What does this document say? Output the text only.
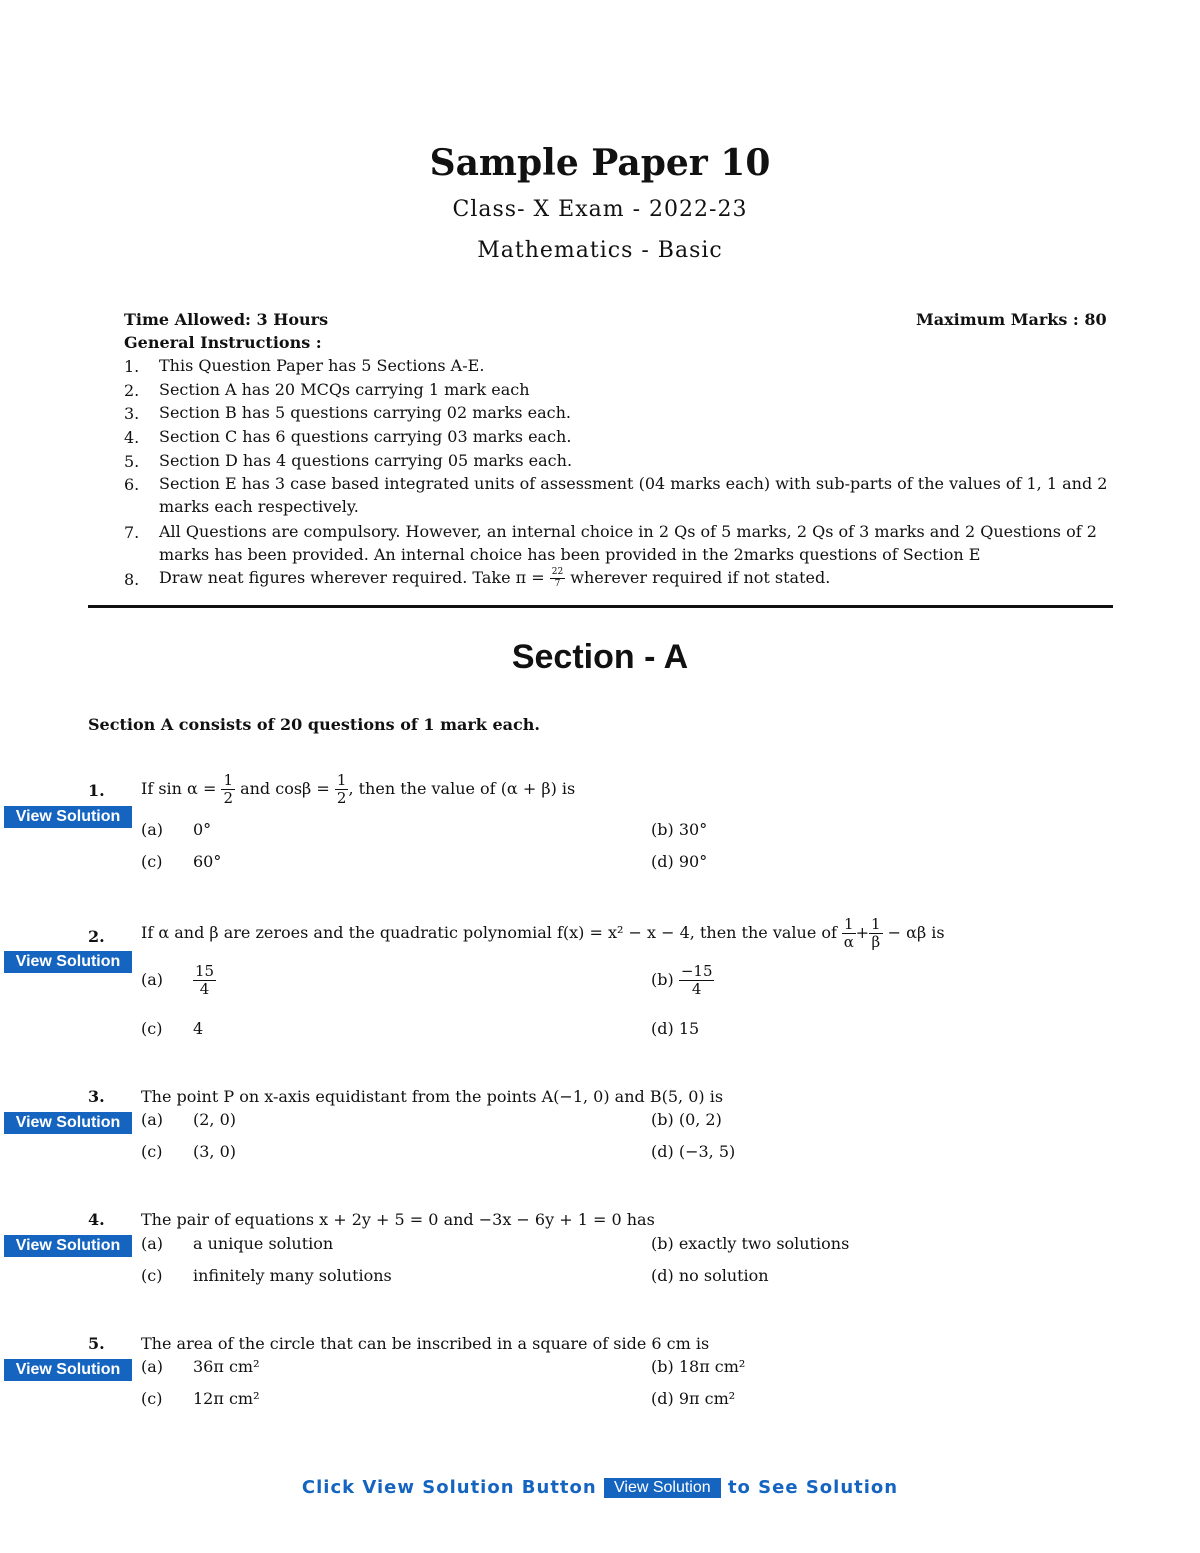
Sample Paper 10
Class- X Exam - 2022-23
Mathematics - Basic
Time Allowed: 3 Hours	Maximum Marks : 80
General Instructions :
1. This Question Paper has 5 Sections A-E.
2. Section A has 20 MCQs carrying 1 mark each
3. Section B has 5 questions carrying 02 marks each.
4. Section C has 6 questions carrying 03 marks each.
5. Section D has 4 questions carrying 05 marks each.
6. Section E has 3 case based integrated units of assessment (04 marks each) with sub-parts of the values of 1, 1 and 2 marks each respectively.
7. All Questions are compulsory. However, an internal choice in 2 Qs of 5 marks, 2 Qs of 3 marks and 2 Questions of 2 marks has been provided. An internal choice has been provided in the 2marks questions of Section E
8. Draw neat figures wherever required. Take $\pi = \frac{22}{7}$ wherever required if not stated.
Section - A
Section A consists of 20 questions of 1 mark each.
1. If $\sin \alpha = \frac{1}{2}$ and $\cos\beta = \frac{1}{2}$ , then the value of (α + β) is
View Solution
(a) 0°	(b) 30°
(c) 60°	(d) 90°
2. If α and β are zeroes and the quadratic polynomial f(x) = x² − x − 4, then the value of $\frac{1}{\alpha} + \frac{1}{\beta} - \alpha\beta$ is
View Solution
$(a) \frac{15}{4}$	$(b) \frac{-15}{4}$
(c) 4	(d) 15
3. The point P on x-axis equidistant from the points A(−1, 0) and B(5, 0) is
View Solution	(a) (2, 0)	(b) (0, 2)
(c) (3, 0)	(d) (−3, 5)
4. The pair of equations x + 2y + 5 = 0 and −3x − 6y + 1 = 0 has
View Solution	(a) a unique solution	(b) exactly two solutions
(c) infinitely many solutions	(d) no solution
5. The area of the circle that can be inscribed in a square of side 6 cm is
View Solution	(a) 36π cm²	(b) 18π cm²
(c) 12π cm²	(d) 9π cm²
Click View Solution Button View Solution to See Solution
